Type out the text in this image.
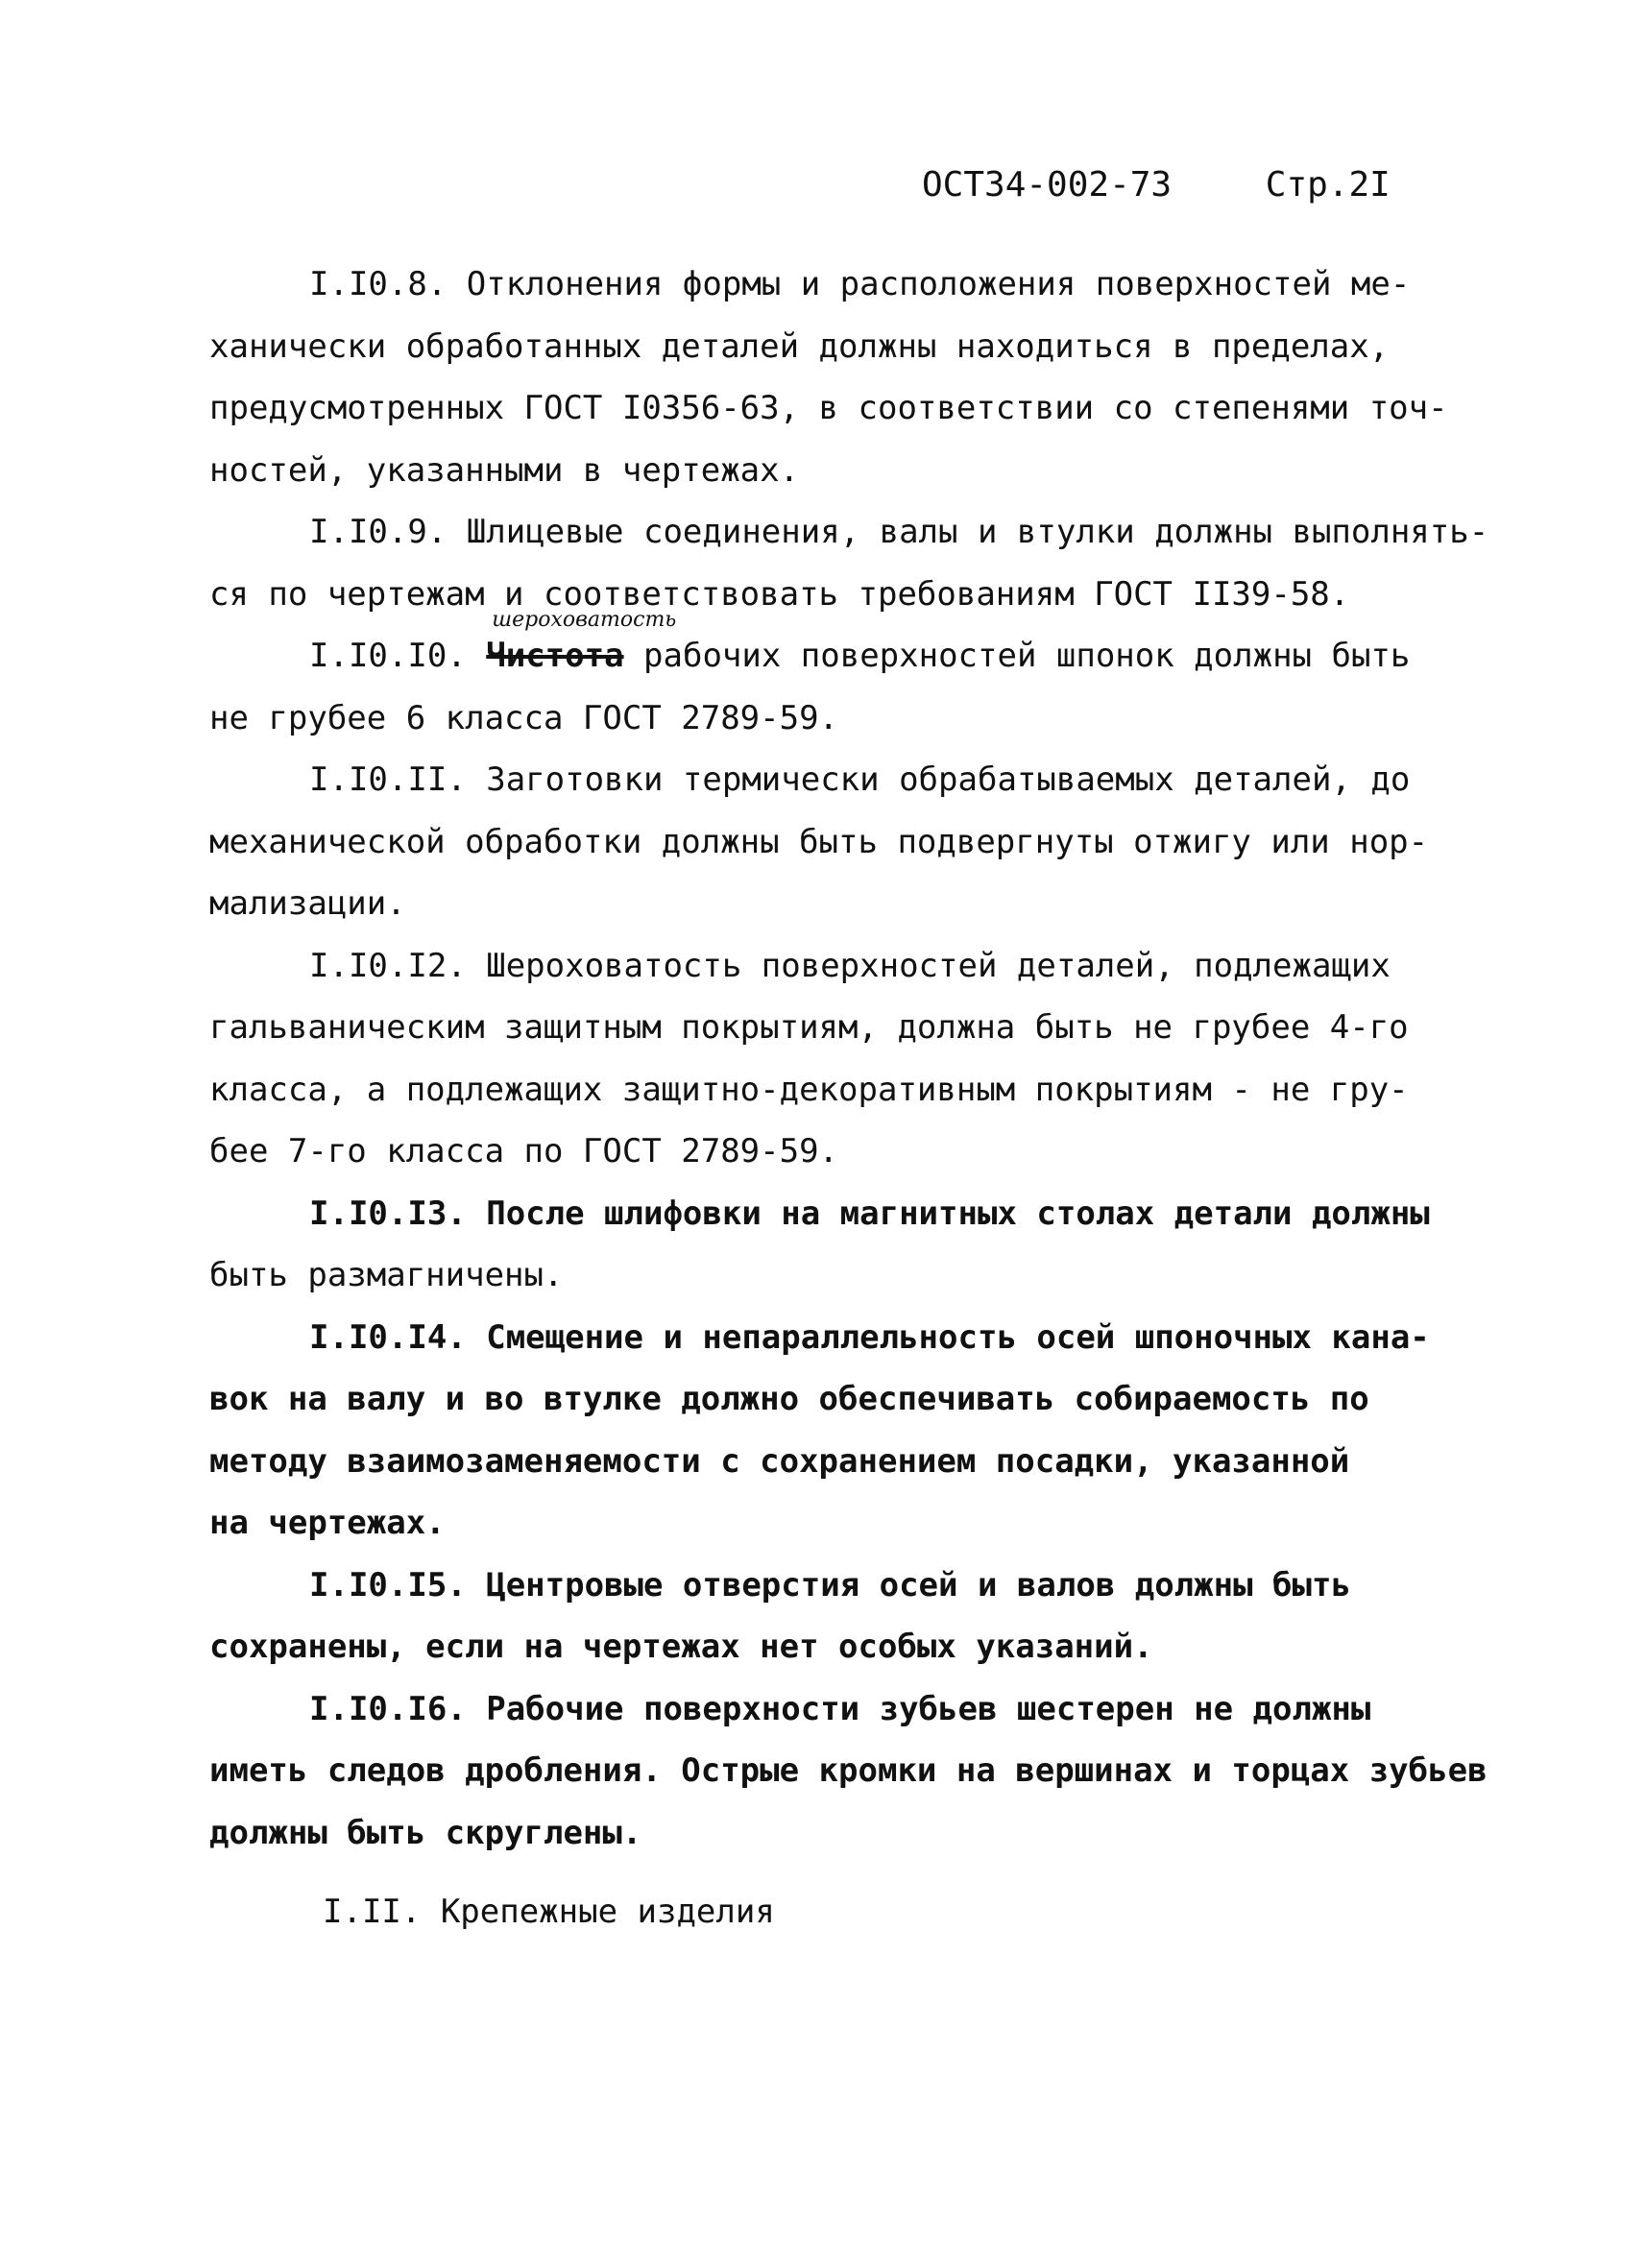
ОСТ34-002-73	Стр.2I
I.I0.8. Отклонения формы и расположения поверхностей ме-
ханически обработанных деталей должны находиться в пределах,
предусмотренных ГОСТ I0356-63, в соответствии со степенями точ-
ностей, указанными в чертежах.
I.I0.9. Шлицевые соединения, валы и втулки должны выполнять-
ся по чертежам и соответствовать требованиям ГОСТ II39-58.
I.I0.I0.
шероховатость
Чистота рабочих поверхностей шпонок должны быть
не грубее 6 класса ГОСТ 2789-59.
I.I0.II. Заготовки термически обрабатываемых деталей, до
механической обработки должны быть подвергнуты отжигу или нор-
мализации.
I.I0.I2. Шероховатость поверхностей деталей, подлежащих
гальваническим защитным покрытиям, должна быть не грубее 4-го
класса, а подлежащих защитно-декоративным покрытиям - не гру-
бее 7-го класса по ГОСТ 2789-59.
I.I0.I3. После шлифовки на магнитных столах детали должны
быть размагничены.
I.I0.I4. Смещение и непараллельность осей шпоночных кана-
вок на валу и во втулке должно обеспечивать собираемость по
методу взаимозаменяемости с сохранением посадки, указанной
на чертежах.
I.I0.I5. Центровые отверстия осей и валов должны быть
сохранены, если на чертежах нет особых указаний.
I.I0.I6. Рабочие поверхности зубьев шестерен не должны
иметь следов дробления. Острые кромки на вершинах и торцах зубьев
должны быть скруглены.
I.II. Крепежные изделия
